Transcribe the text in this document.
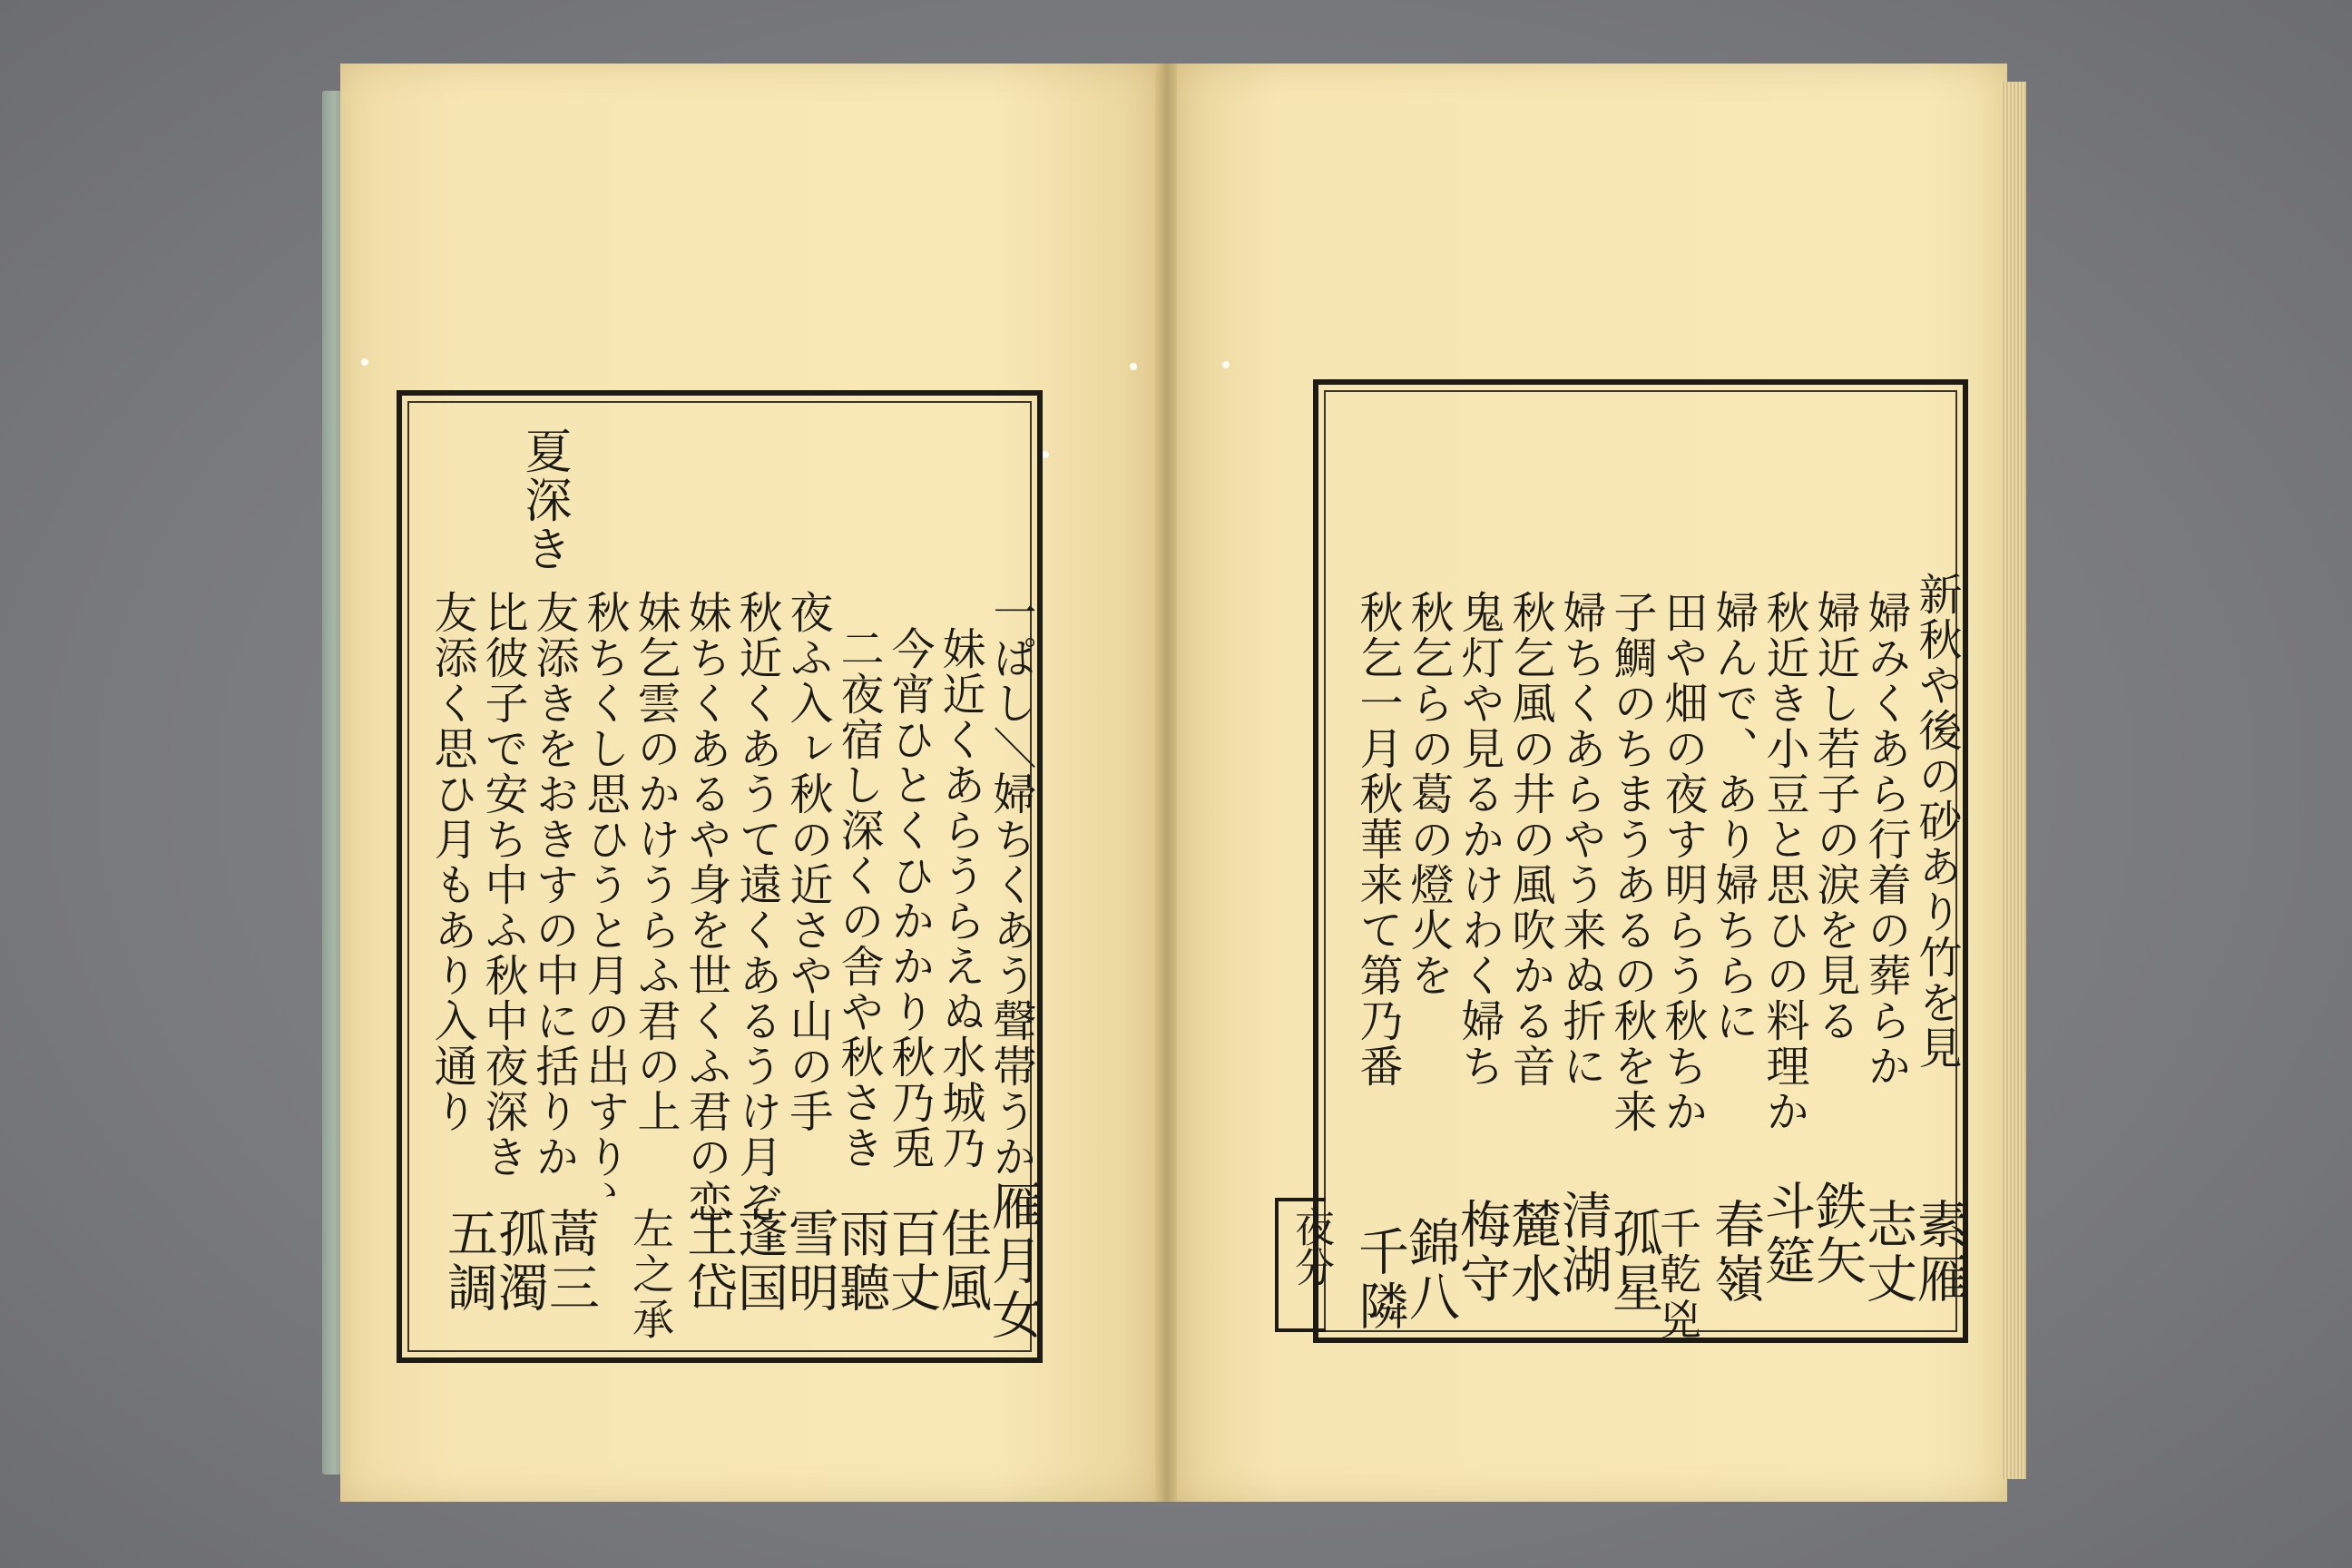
夏深き
一ぱし＼婦ちくあう聲帯うか
妹近くあらうらえぬ水城乃
今宵ひとくひかかり秋乃兎
二夜宿し深くの舎や秋さき
夜ふ入ㇾ秋の近さや山の手
秋近くあうて遠くあるうけ月ぞ
妹ちくあるや身を世くふ君の恋
妹乞雲のかけうらふ君の上
秋ちくし思ひうと月の出すり
友添きをおきすの中に括りか
比彼子で安ち中ふ秋中夜深き
友添く思ひ月もあり入通り
雁月女
佳風
百丈
雨聽
雪明
蓬国
王岱
左之承
ゝ
蒿三
孤濁
五調	夜分
新秋や後の砂あり竹を見
婦みくあら行着の葬らか
婦近し若子の涙を見る
秋近き小豆と思ひの料理か
婦んで、あり婦ちらに
田や畑の夜す明らう秋ちか
子鯛のちまうあるの秋を来
婦ちくあらやう来ぬ折に
秋乞風の井の風吹かる音
鬼灯や見るかけわく婦ち
秋乞らの葛の燈火を
秋乞一月秋華来て第乃番
素雁
志丈
鉄矢
斗筵
春嶺
千乾兇
孤星
清湖
麓水
梅守
錦八
千隣
